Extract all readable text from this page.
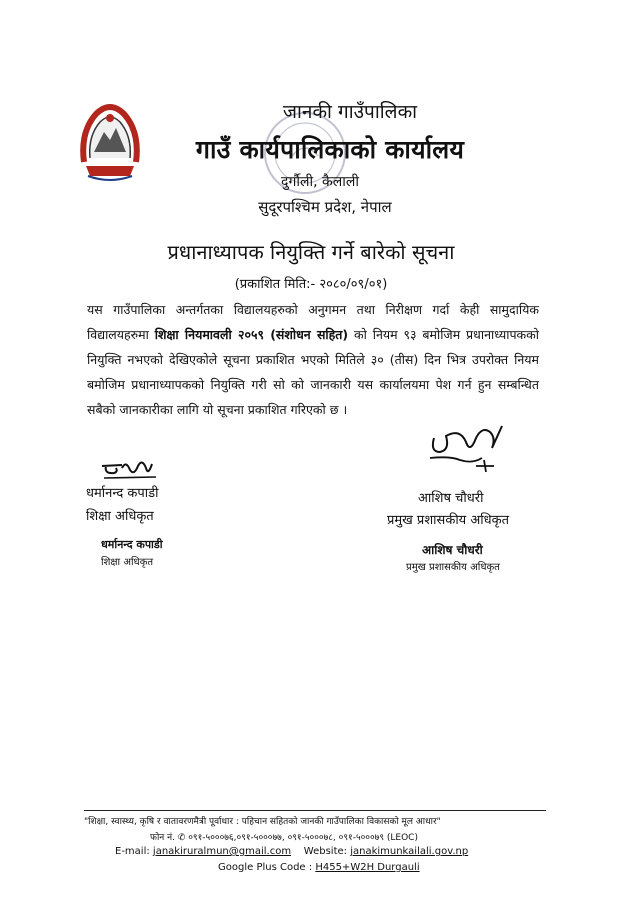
जानकी गाउँपालिका
गाउँ कार्यपालिकाको कार्यालय
दुर्गौली, कैलाली
सुदूरपश्चिम प्रदेश, नेपाल
प्रधानाध्यापक नियुक्ति गर्ने बारेको सूचना
(प्रकाशित मिति:- २०८०/०९/०१)

यस गाउँपालिका अन्तर्गतका विद्यालयहरुको अनुगमन तथा निरीक्षण गर्दा केही सामुदायिक विद्यालयहरुमा शिक्षा नियमावली २०५९ (संशोधन सहित) को नियम ९३ बमोजिम प्रधानाध्यापकको नियुक्ति नभएको देखिएकोले सूचना प्रकाशित भएको मितिले ३० (तीस) दिन भित्र उपरोक्त नियम बमोजिम प्रधानाध्यापकको नियुक्ति गरी सो को जानकारी यस कार्यालयमा पेश गर्न हुन सम्बन्धित सबैको जानकारीका लागि यो सूचना प्रकाशित गरिएको छ ।

धर्मानन्द कपाडी
शिक्षा अधिकृत
धर्मानन्द कपाडी
शिक्षा अधिकृत
आशिष चौधरी
प्रमुख प्रशासकीय अधिकृत
आशिष चौधरी
प्रमुख प्रशासकीय अधिकृत
"शिक्षा, स्वास्थ्य, कृषि र वातावरणमैत्री पूर्वाधार : पहिचान सहितको जानकी गाउँपालिका विकासको मूल आधार"
फोन नं. ✆ ०९१-५०००७६,०९१-५०००७७, ०९१-५०००७८, ०९१-५०००७९ (LEOC)
E-mail: janakiruralmun@gmail.com Website: janakimunkailali.gov.np
Google Plus Code : H455+W2H Durgauli
